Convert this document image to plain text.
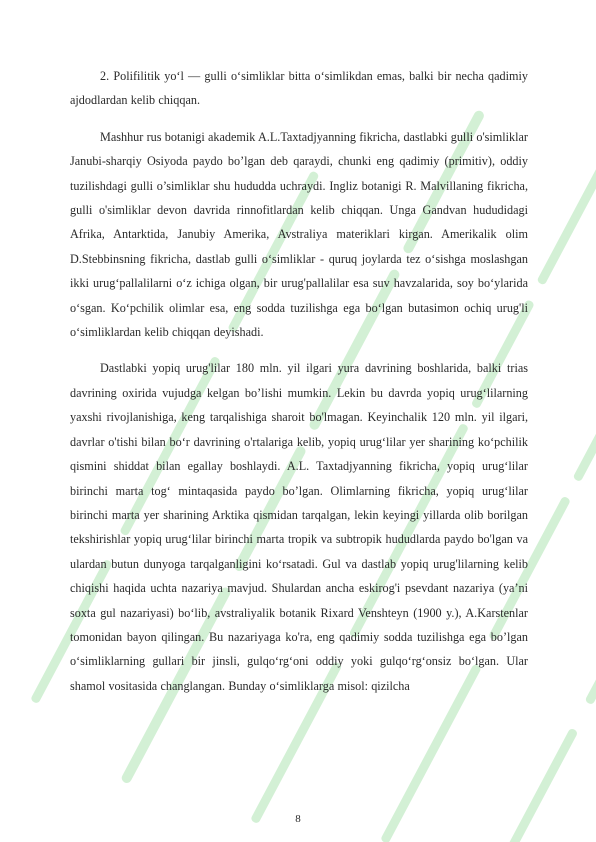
2. Polifilitik yo‘l — gulli o‘simliklar bitta o‘simlikdan emas, balki bir necha qadimiy ajdodlardan kelib chiqqan.

Mashhur rus botanigi akademik A.L.Taxtadjyanning fikricha, dastlabki gulli o'simliklar Janubi-sharqiy Osiyoda paydo bo’lgan deb qaraydi, chunki eng qadimiy (primitiv), oddiy tuzilishdagi gulli o’simliklar shu hududda uchraydi. Ingliz botanigi R. Malvillaning fikricha, gulli o'simliklar devon davrida rinnofitlardan kelib chiqqan. Unga Gandvan hududidagi Afrika, Antarktida, Janubiy Amerika, Avstraliya materiklari kirgan. Amerikalik olim D.Stebbinsning fikricha, dastlab gulli o‘simliklar - quruq joylarda tez o‘sishga moslashgan ikki urug‘pallalilarni o‘z ichiga olgan, bir urug'pallalilar esa suv havzalarida, soy bo‘ylarida o‘sgan. Ko‘pchilik olimlar esa, eng sodda tuzilishga ega bo‘lgan butasimon ochiq urug'li o‘simliklardan kelib chiqqan deyishadi.

Dastlabki yopiq urug'lilar 180 mln. yil ilgari yura davrining boshlarida, balki trias davrining oxirida vujudga kelgan bo’lishi mumkin. Lekin bu davrda yopiq urug‘lilarning yaxshi rivojlanishiga, keng tarqalishiga sharoit bo'lmagan. Keyinchalik 120 mln. yil ilgari, davrlar o'tishi bilan bo‘r davrining o'rtalariga kelib, yopiq urug‘lilar yer sharining ko‘pchilik qismini shiddat bilan egallay boshlaydi. A.L. Taxtadjyanning fikricha, yopiq urug‘lilar birinchi marta tog‘ mintaqasida paydo bo’lgan. Olimlarning fikricha, yopiq urug‘lilar birinchi marta yer sharining Arktika qismidan tarqalgan, lekin keyingi yillarda olib borilgan tekshirishlar yopiq urug‘lilar birinchi marta tropik va subtropik hududlarda paydo bo'lgan va ulardan butun dunyoga tarqalganligini ko‘rsatadi. Gul va dastlab yopiq urug'lilarning kelib chiqishi haqida uchta nazariya mavjud. Shulardan ancha eskirog'i psevdant nazariya (ya’ni soxta gul nazariyasi) bo‘lib, avstraliyalik botanik Rixard Venshteyn (1900 y.), A.Karstenlar tomonidan bayon qilingan. Bu nazariyaga ko'ra, eng qadimiy sodda tuzilishga ega bo’lgan o‘simliklarning gullari bir jinsli, gulqo‘rg‘oni oddiy yoki gulqo‘rg‘onsiz bo‘lgan. Ular shamol vositasida changlangan. Bunday o‘simliklarga misol: qizilcha

8
